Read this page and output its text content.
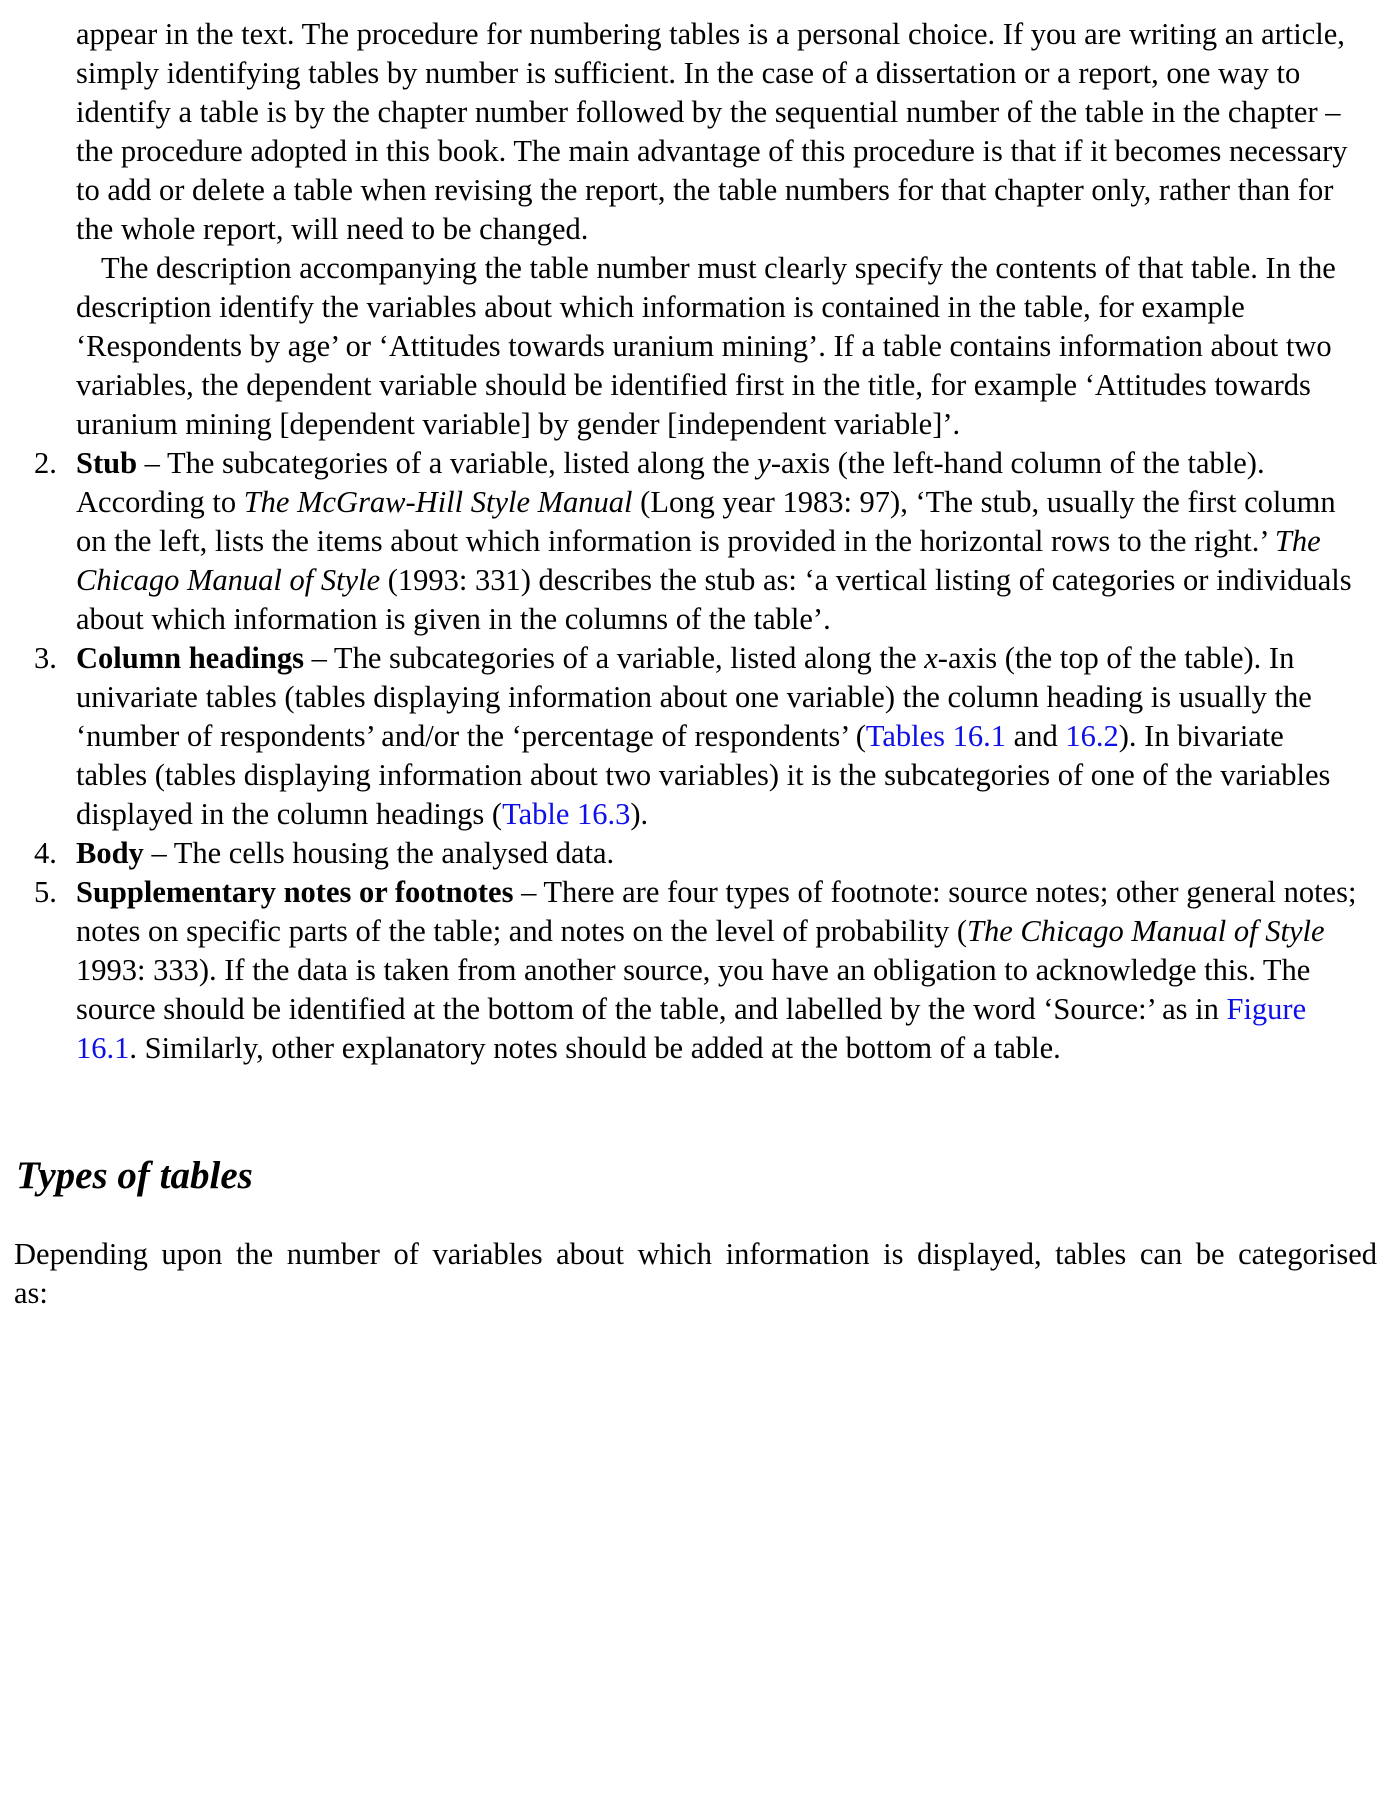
appear in the text. The procedure for numbering tables is a personal choice. If you are writing an article, simply identifying tables by number is sufficient. In the case of a dissertation or a report, one way to identify a table is by the chapter number followed by the sequential number of the table in the chapter – the procedure adopted in this book. The main advantage of this procedure is that if it becomes necessary to add or delete a table when revising the report, the table numbers for that chapter only, rather than for the whole report, will need to be changed.

The description accompanying the table number must clearly specify the contents of that table. In the description identify the variables about which information is contained in the table, for example ‘Respondents by age’ or ‘Attitudes towards uranium mining’. If a table contains information about two variables, the dependent variable should be identified first in the title, for example ‘Attitudes towards uranium mining [dependent variable] by gender [independent variable]’.

2. Stub – The subcategories of a variable, listed along the y-axis (the left-hand column of the table). According to The McGraw-Hill Style Manual (Long year 1983: 97), ‘The stub, usually the first column on the left, lists the items about which information is provided in the horizontal rows to the right.’ The Chicago Manual of Style (1993: 331) describes the stub as: ‘a vertical listing of categories or individuals about which information is given in the columns of the table’.
3. Column headings – The subcategories of a variable, listed along the x-axis (the top of the table). In univariate tables (tables displaying information about one variable) the column heading is usually the ‘number of respondents’ and/or the ‘percentage of respondents’ (Tables 16.1 and 16.2). In bivariate tables (tables displaying information about two variables) it is the subcategories of one of the variables displayed in the column headings (Table 16.3).
4. Body – The cells housing the analysed data.
5. Supplementary notes or footnotes – There are four types of footnote: source notes; other general notes; notes on specific parts of the table; and notes on the level of probability (The Chicago Manual of Style 1993: 333). If the data is taken from another source, you have an obligation to acknowledge this. The source should be identified at the bottom of the table, and labelled by the word ‘Source:’ as in Figure 16.1. Similarly, other explanatory notes should be added at the bottom of a table.
Types of tables

Depending upon the number of variables about which information is displayed, tables can be categorised as:
